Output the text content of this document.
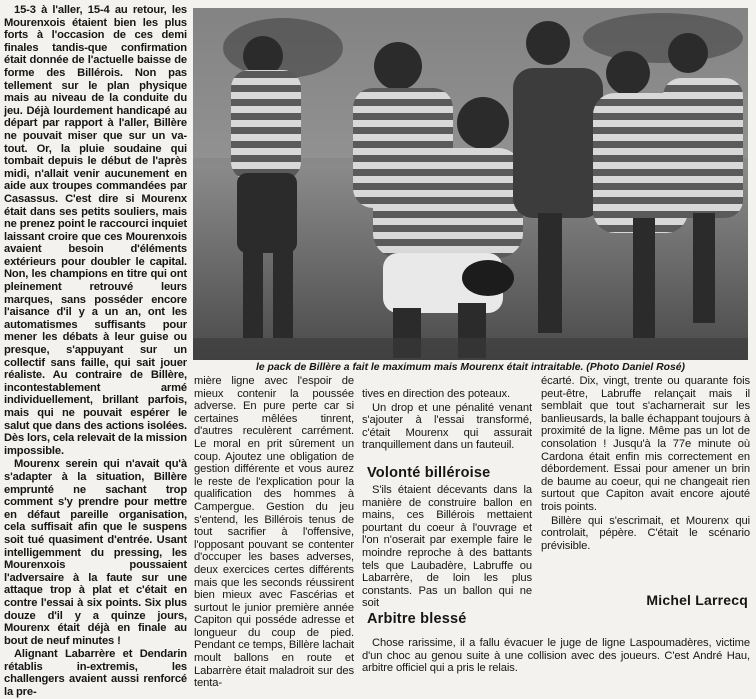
15-3 à l'aller, 15-4 au retour, les Mourenxois étaient bien les plus forts à l'occasion de ces demi finales tandis-que confirmation était donnée de l'actuelle baisse de forme des Billérois. Non pas tellement sur le plan physique mais au niveau de la conduite du jeu. Déjà lourdement handicapé au départ par rapport à l'aller, Billère ne pouvait miser que sur un va-tout. Or, la pluie soudaine qui tombait depuis le début de l'après midi, n'allait venir aucunement en aide aux troupes commandées par Casassus. C'est dire si Mourenx était dans ses petits souliers, mais ne prenez point le raccourci inquiet laissant croire que ces Mourenxois avaient besoin d'éléments extérieurs pour doubler le capital. Non, les champions en titre qui ont pleinement retrouvé leurs marques, sans posséder encore l'aisance d'il y a un an, ont les automatismes suffisants pour mener les débats à leur guise ou presque, s'appuyant sur un collectif sans faille, qui sait jouer réaliste. Au contraire de Billère, incontestablement armé individuellement, brillant parfois, mais qui ne pouvait espérer le salut que dans des actions isolées. Dès lors, cela relevait de la mission impossible.

Mourenx serein qui n'avait qu'à s'adapter à la situation, Billère emprunté ne sachant trop comment s'y prendre pour mettre en défaut pareille organisation, cela suffisait afin que le suspens soit tué quasiment d'entrée. Usant intelligemment du pressing, les Mourenxois poussaient l'adversaire à la faute sur une attaque trop à plat et c'était en contre l'essai à six points. Six plus douze d'il y a quinze jours, Mourenx était déjà en finale au bout de neuf minutes !

Alignant Labarrère et Dendarin rétablis in-extremis, les challengers avaient aussi renforcé la pre-

le pack de Billère a fait le maximum mais Mourenx était intraitable. (Photo Daniel Rosé)

mière ligne avec l'espoir de mieux contenir la poussée adverse. En pure perte car si certaines mêlées tinrent, d'autres reculèrent carrément. Le moral en prit sûrement un coup. Ajoutez une obligation de gestion différente et vous aurez le reste de l'explication pour la qualification des hommes à Campergue. Gestion du jeu s'entend, les Billérois tenus de tout sacrifier à l'offensive, l'opposant pouvant se contenter d'occuper les bases adverses, deux exercices certes différents mais que les seconds réussirent bien mieux avec Fascérias et surtout le junior première année Capiton qui posséde adresse et longueur du coup de pied. Pendant ce temps, Billère lachait moult ballons en route et Labarrère était maladroit sur des tenta-

tives en direction des poteaux.

Un drop et une pénalité venant s'ajouter à l'essai transformé, c'était Mourenx qui assurait tranquillement dans un fauteuil.

S'ils étaient décevants dans la manière de construire ballon en mains, ces Billérois mettaient pourtant du coeur à l'ouvrage et l'on n'oserait par exemple faire le moindre reproche à des battants tels que Laubadère, Labruffe ou Labarrère, de loin les plus constants. Pas un ballon qui ne soit

Volonté billéroise

écarté. Dix, vingt, trente ou quarante fois peut-être, Labruffe relançait mais il semblait que tout s'acharnerait sur les banlieusards, la balle échappant toujours à proximité de la ligne. Même pas un lot de consolation ! Jusqu'à la 77e minute où Cardona était enfin mis correctement en débordement. Essai pour amener un brin de baume au coeur, qui ne changeait rien surtout que Capiton avait encore ajouté trois points.

Billère qui s'escrimait, et Mourenx qui controlait, pépère. C'était le scénario prévisible.

Michel Larrecq
Arbitre blessé

Chose rarissime, il a fallu évacuer le juge de ligne Laspoumadères, victime d'un choc au genou suite à une collision avec des joueurs. C'est André Hau, arbitre officiel qui a pris le relais.
